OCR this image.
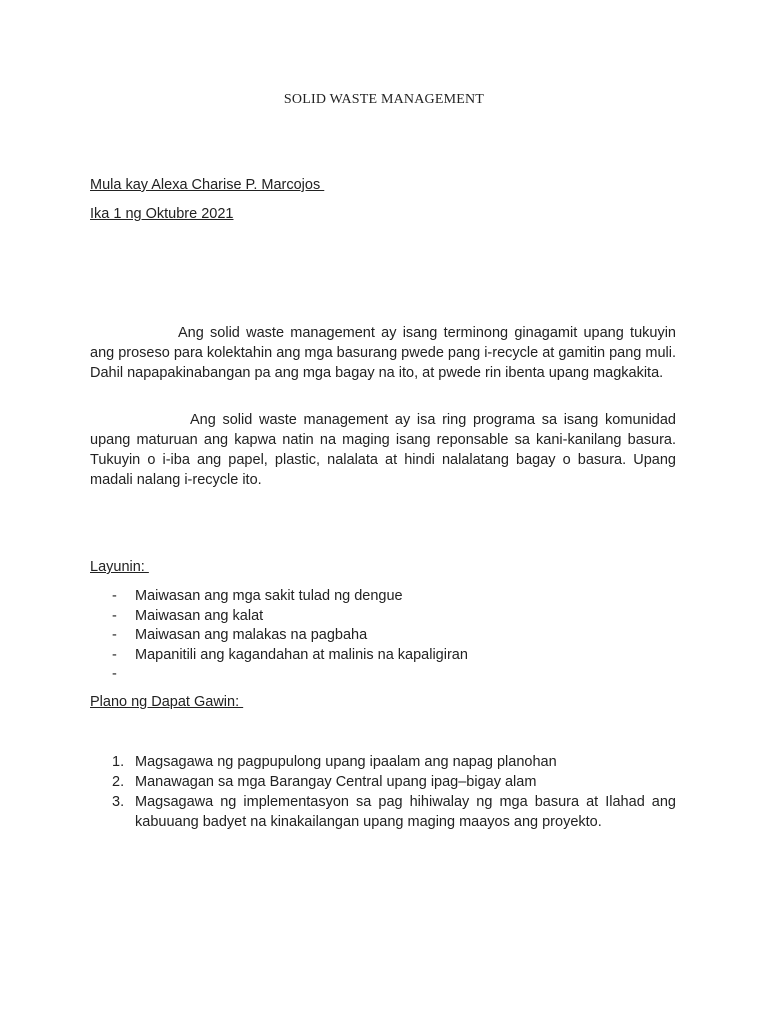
SOLID WASTE MANAGEMENT
Mula kay Alexa Charise P. Marcojos
Ika 1 ng Oktubre 2021

Ang solid waste management ay isang terminong ginagamit upang tukuyin ang proseso para kolektahin ang mga basurang pwede pang i-recycle at gamitin pang muli. Dahil napapakinabangan pa ang mga bagay na ito, at pwede rin ibenta upang magkakita.

Ang solid waste management ay isa ring programa sa isang komunidad upang maturuan ang kapwa natin na maging isang reponsable sa kani-kanilang basura. Tukuyin o i-iba ang papel, plastic, nalalata at hindi nalalatang bagay o basura. Upang madali nalang i-recycle ito.

Layunin:
- Maiwasan ang mga sakit tulad ng dengue
- Maiwasan ang kalat
- Maiwasan ang malakas na pagbaha
- Mapanitili ang kagandahan at malinis na kapaligiran
-
Plano ng Dapat Gawin:
1. Magsagawa ng pagpupulong upang ipaalam ang napag planohan
2. Manawagan sa mga Barangay Central upang ipag–bigay alam
3. Magsagawa ng implementasyon sa pag hihiwalay ng mga basura at Ilahad ang kabuuang badyet na kinakailangan upang maging maayos ang proyekto.
